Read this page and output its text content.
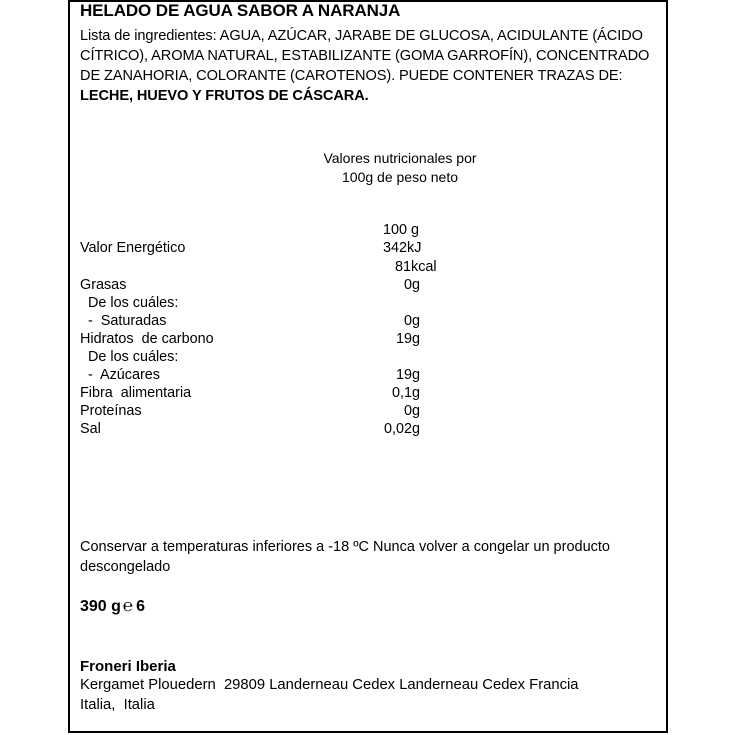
HELADO DE AGUA SABOR A NARANJA
Lista de ingredientes: AGUA, AZÚCAR, JARABE DE GLUCOSA, ACIDULANTE (ÁCIDO CÍTRICO), AROMA NATURAL, ESTABILIZANTE (GOMA GARROFÍN), CONCENTRADO DE ZANAHORIA, COLORANTE (CAROTENOS). PUEDE CONTENER TRAZAS DE: LECHE, HUEVO Y FRUTOS DE CÁSCARA.
Valores nutricionales por
100g de peso neto
100 g
Valor Energético	342kJ
81kcal
Grasas	0g
De los cuáles:
-  Saturadas	0g
Hidratos  de carbono	19g
De los cuáles:
-  Azúcares	19g
Fibra  alimentaria	0,1g
Proteínas	0g
Sal	0,02g
Conservar a temperaturas inferiores a -18 ºC Nunca volver a congelar un producto descongelado
390 g ℮ 6
Froneri Iberia
Kergamet Plouedern  29809 Landerneau Cedex Landerneau Cedex Francia
Italia,  Italia
